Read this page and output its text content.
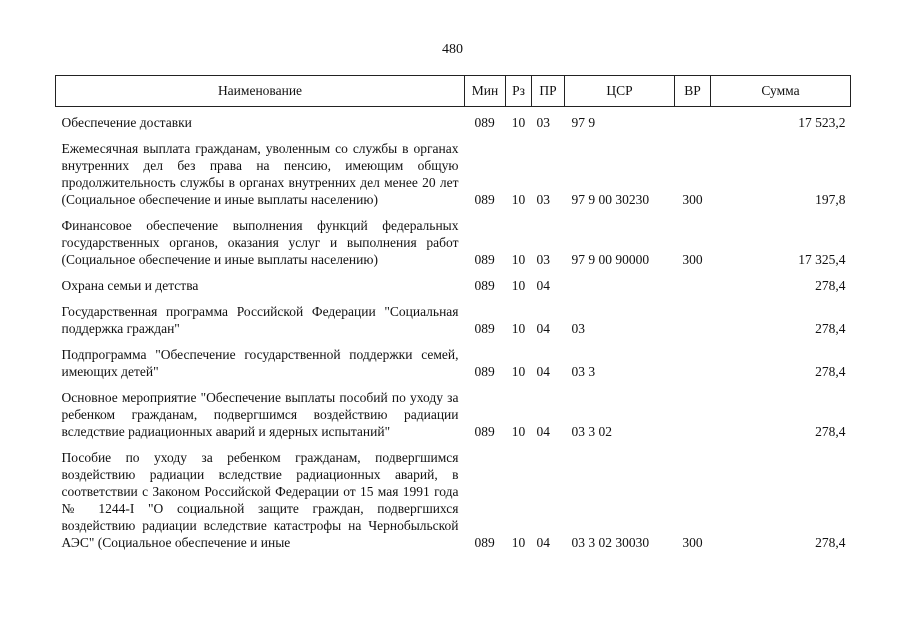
480
Наименование	Мин	Рз	ПР	ЦСР	ВР	Сумма
Обеспечение доставки	089	10	03	97 9		17 523,2
Ежемесячная выплата гражданам, уволенным со службы в органах внутренних дел без права на пенсию, имеющим общую продолжительность службы в органах внутренних дел менее 20 лет (Социальное обеспечение и иные выплаты населению)	089	10	03	97 9 00 30230	300	197,8
Финансовое обеспечение выполнения функций федеральных государственных органов, оказания услуг и выполнения работ (Социальное обеспечение и иные выплаты населению)	089	10	03	97 9 00 90000	300	17 325,4
Охрана семьи и детства	089	10	04			278,4
Государственная программа Российской Федерации "Социальная поддержка граждан"	089	10	04	03		278,4
Подпрограмма "Обеспечение государственной поддержки семей, имеющих детей"	089	10	04	03 3		278,4
Основное мероприятие "Обеспечение выплаты пособий по уходу за ребенком гражданам, подвергшимся воздействию радиации вследствие радиационных аварий и ядерных испытаний"	089	10	04	03 3 02		278,4
Пособие по уходу за ребенком гражданам, подвергшимся воздействию радиации вследствие радиационных аварий, в соответствии с Законом Российской Федерации от 15 мая 1991 года № 1244-I "О социальной защите граждан, подвергшихся воздействию радиации вследствие катастрофы на Чернобыльской АЭС" (Социальное обеспечение и иные	089	10	04	03 3 02 30030	300	278,4
